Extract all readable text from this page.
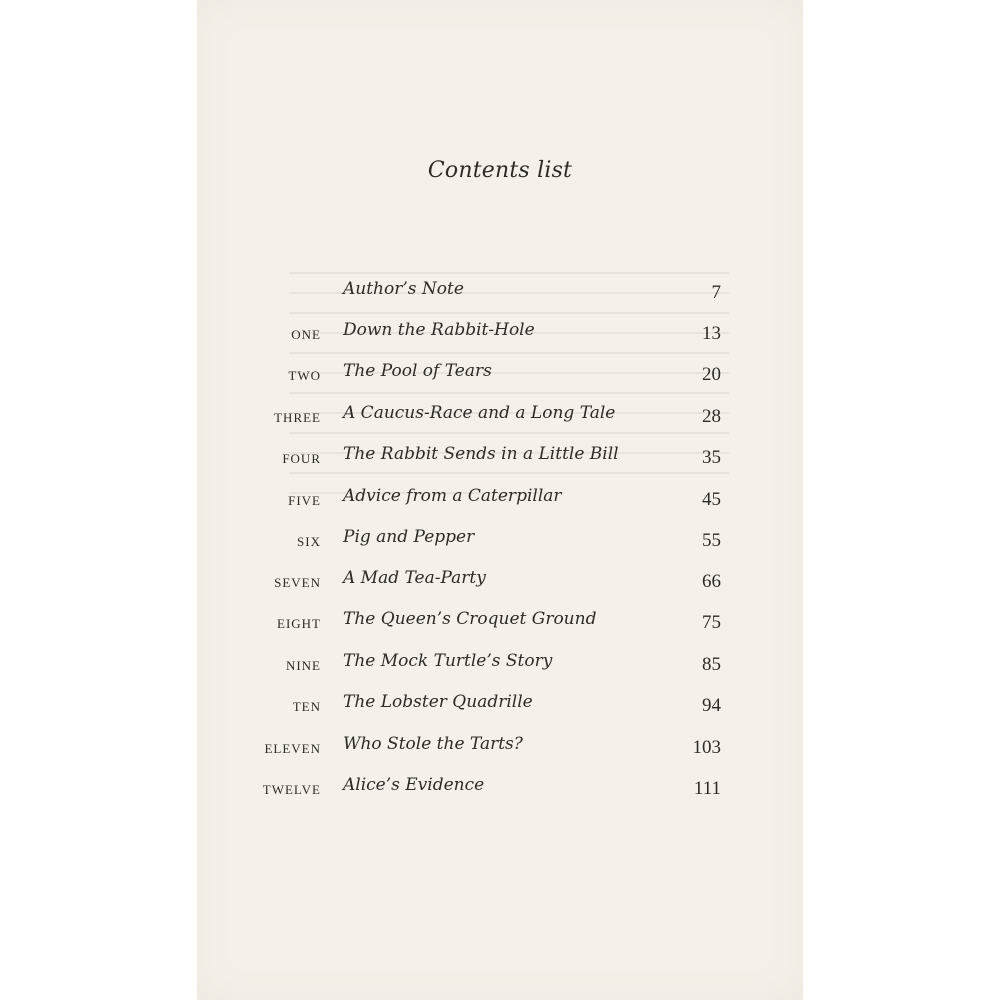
Contents list
Author’s Note	7
ONE Down the Rabbit-Hole	13
TWO The Pool of Tears	20
THREE A Caucus-Race and a Long Tale	28
FOUR The Rabbit Sends in a Little Bill	35
FIVE Advice from a Caterpillar	45
SIX Pig and Pepper	55
SEVEN A Mad Tea-Party	66
EIGHT The Queen’s Croquet Ground	75
NINE The Mock Turtle’s Story	85
TEN The Lobster Quadrille	94
ELEVEN Who Stole the Tarts?	103
TWELVE Alice’s Evidence	111
